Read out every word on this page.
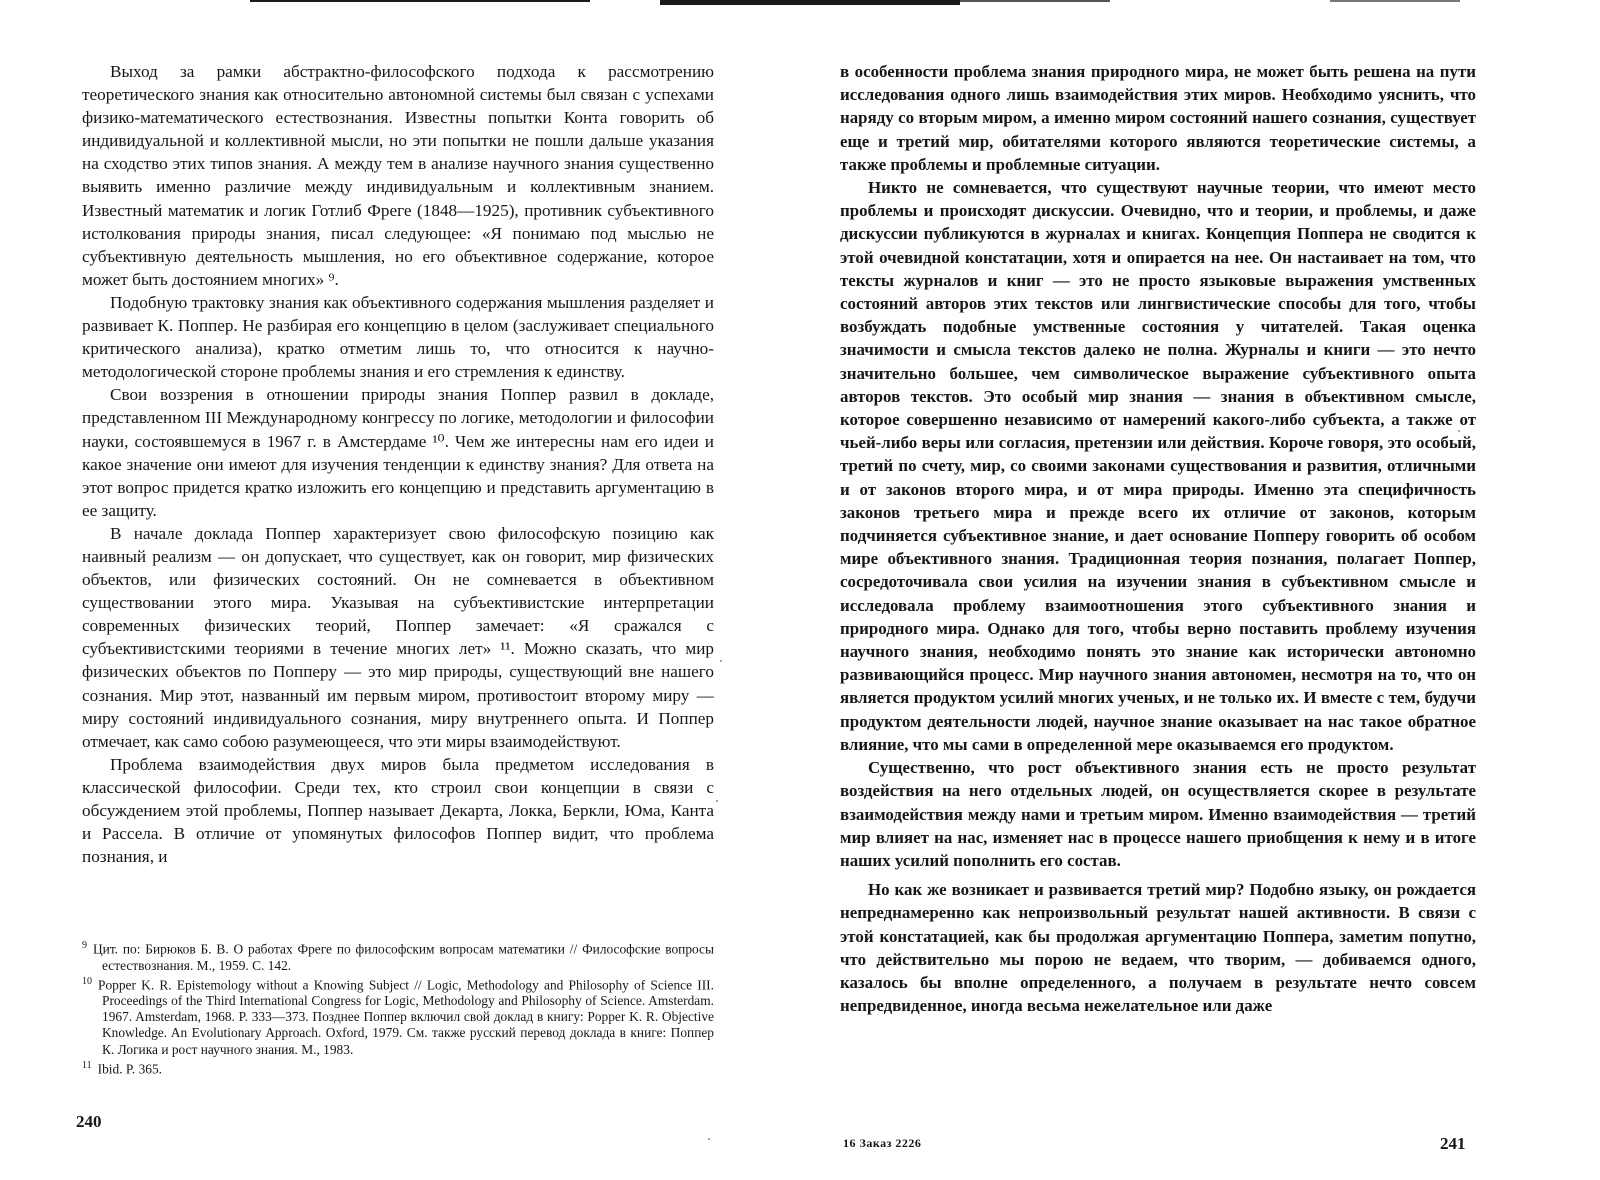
Выход за рамки абстрактно-философского подхода к рассмотрению теоретического знания как относительно автономной системы был связан с успехами физико-математического естествознания. Известны попытки Конта говорить об индивидуальной и коллективной мысли, но эти попытки не пошли дальше указания на сходство этих типов знания. А между тем в анализе научного знания существенно выявить именно различие между индивидуальным и коллективным знанием. Известный математик и логик Готлиб Фреге (1848—1925), противник субъективного истолкования природы знания, писал следующее: «Я понимаю под мыслью не субъективную деятельность мышления, но его объективное содержание, которое может быть достоянием многих» ⁹.

Подобную трактовку знания как объективного содержания мышления разделяет и развивает К. Поппер. Не разбирая его концепцию в целом (заслуживает специального критического анализа), кратко отметим лишь то, что относится к научно-методологической стороне проблемы знания и его стремления к единству.

Свои воззрения в отношении природы знания Поппер развил в докладе, представленном III Международному конгрессу по логике, методологии и философии науки, состоявшемуся в 1967 г. в Амстердаме ¹⁰. Чем же интересны нам его идеи и какое значение они имеют для изучения тенденции к единству знания? Для ответа на этот вопрос придется кратко изложить его концепцию и представить аргументацию в ее защиту.

В начале доклада Поппер характеризует свою философскую позицию как наивный реализм — он допускает, что существует, как он говорит, мир физических объектов, или физических состояний. Он не сомневается в объективном существовании этого мира. Указывая на субъективистские интерпретации современных физических теорий, Поппер замечает: «Я сражался с субъективистскими теориями в течение многих лет» ¹¹. Можно сказать, что мир физических объектов по Попперу — это мир природы, существующий вне нашего сознания. Мир этот, названный им первым миром, противостоит второму миру — миру состояний индивидуального сознания, миру внутреннего опыта. И Поппер отмечает, как само собою разумеющееся, что эти миры взаимодействуют.

Проблема взаимодействия двух миров была предметом исследования в классической философии. Среди тех, кто строил свои концепции в связи с обсуждением этой проблемы, Поппер называет Декарта, Локка, Беркли, Юма, Канта и Рассела. В отличие от упомянутых философов Поппер видит, что проблема познания, и

$^9$ Цит. по: Бирюков Б. В. О работах Фреге по философским вопросам математики // Философские вопросы естествознания. М., 1959. С. 142.

$^{10}$ Popper K. R. Epistemology without a Knowing Subject // Logic, Methodology and Philosophy of Science III. Proceedings of the Third International Congress for Logic, Methodology and Philosophy of Science. Amsterdam. 1967. Amsterdam, 1968. P. 333—373. Позднее Поппер включил свой доклад в книгу: Popper K. R. Objective Knowledge. An Evolutionary Approach. Oxford, 1979. См. также русский перевод доклада в книге: Поппер К. Логика и рост научного знания. М., 1983.

$^{11}$ Ibid. P. 365.

240

в особенности проблема знания природного мира, не может быть решена на пути исследования одного лишь взаимодействия этих миров. Необходимо уяснить, что наряду со вторым миром, а именно миром состояний нашего сознания, существует еще и третий мир, обитателями которого являются теоретические системы, а также проблемы и проблемные ситуации.

Никто не сомневается, что существуют научные теории, что имеют место проблемы и происходят дискуссии. Очевидно, что и теории, и проблемы, и даже дискуссии публикуются в журналах и книгах. Концепция Поппера не сводится к этой очевидной констатации, хотя и опирается на нее. Он настаивает на том, что тексты журналов и книг — это не просто языковые выражения умственных состояний авторов этих текстов или лингвистические способы для того, чтобы возбуждать подобные умственные состояния у читателей. Такая оценка значимости и смысла текстов далеко не полна. Журналы и книги — это нечто значительно большее, чем символическое выражение субъективного опыта авторов текстов. Это особый мир знания — знания в объективном смысле, которое совершенно независимо от намерений какого-либо субъекта, а также от чьей-либо веры или согласия, претензии или действия. Короче говоря, это особый, третий по счету, мир, со своими законами существования и развития, отличными и от законов второго мира, и от мира природы. Именно эта специфичность законов третьего мира и прежде всего их отличие от законов, которым подчиняется субъективное знание, и дает основание Попперу говорить об особом мире объективного знания. Традиционная теория познания, полагает Поппер, сосредоточивала свои усилия на изучении знания в субъективном смысле и исследовала проблему взаимоотношения этого субъективного знания и природного мира. Однако для того, чтобы верно поставить проблему изучения научного знания, необходимо понять это знание как исторически автономно развивающийся процесс. Мир научного знания автономен, несмотря на то, что он является продуктом усилий многих ученых, и не только их. И вместе с тем, будучи продуктом деятельности людей, научное знание оказывает на нас такое обратное влияние, что мы сами в определенной мере оказываемся его продуктом.

Существенно, что рост объективного знания есть не просто результат воздействия на него отдельных людей, он осуществляется скорее в результате взаимодействия между нами и третьим миром. Именно взаимодействия — третий мир влияет на нас, изменяет нас в процессе нашего приобщения к нему и в итоге наших усилий пополнить его состав.

Но как же возникает и развивается третий мир? Подобно языку, он рождается непреднамеренно как непроизвольный результат нашей активности. В связи с этой констатацией, как бы продолжая аргументацию Поппера, заметим попутно, что действительно мы порою не ведаем, что творим, — добиваемся одного, казалось бы вполне определенного, а получаем в результате нечто совсем непредвиденное, иногда весьма нежелательное или даже

16 Заказ 2226	241
